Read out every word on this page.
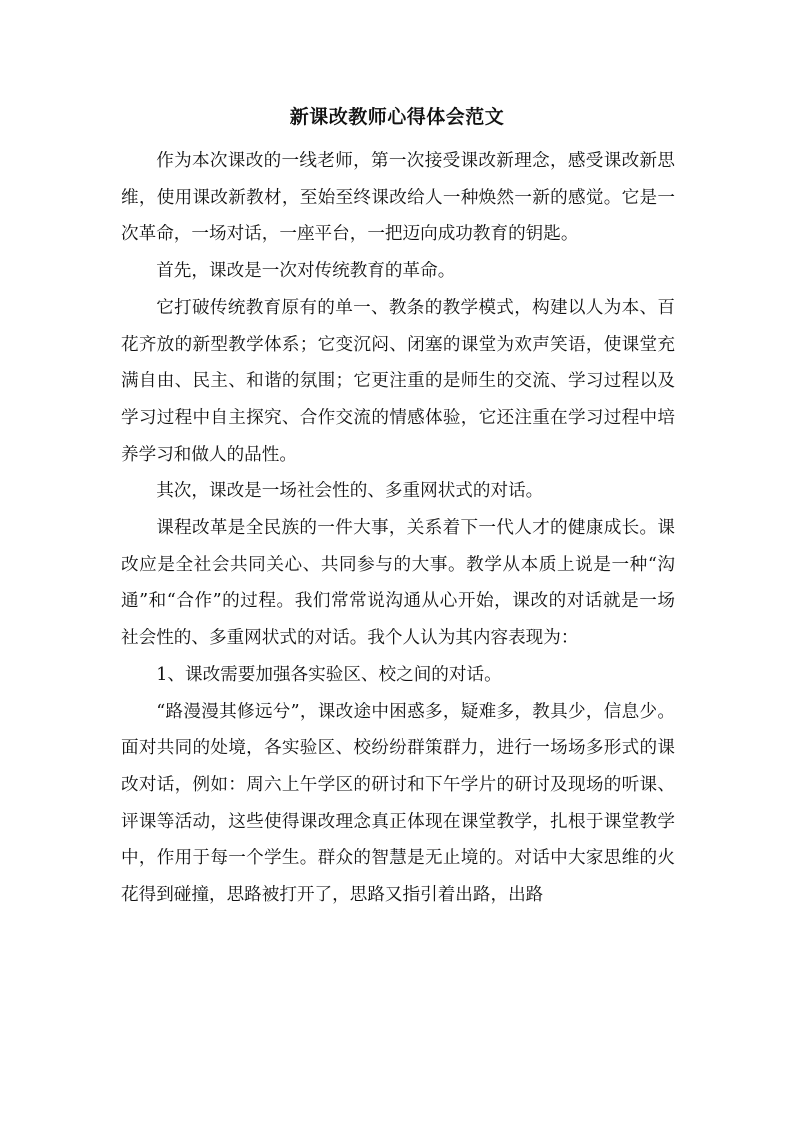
新课改教师心得体会范文

作为本次课改的一线老师，第一次接受课改新理念，感受课改新思维，使用课改新教材，至始至终课改给人一种焕然一新的感觉。它是一次革命，一场对话，一座平台，一把迈向成功教育的钥匙。

首先，课改是一次对传统教育的革命。

它打破传统教育原有的单一、教条的教学模式，构建以人为本、百花齐放的新型教学体系；它变沉闷、闭塞的课堂为欢声笑语，使课堂充满自由、民主、和谐的氛围；它更注重的是师生的交流、学习过程以及学习过程中自主探究、合作交流的情感体验，它还注重在学习过程中培养学习和做人的品性。

其次，课改是一场社会性的、多重网状式的对话。

课程改革是全民族的一件大事，关系着下一代人才的健康成长。课改应是全社会共同关心、共同参与的大事。教学从本质上说是一种“沟通”和“合作”的过程。我们常常说沟通从心开始，课改的对话就是一场社会性的、多重网状式的对话。我个人认为其内容表现为：

1、课改需要加强各实验区、校之间的对话。

“路漫漫其修远兮”，课改途中困惑多，疑难多，教具少，信息少。面对共同的处境，各实验区、校纷纷群策群力，进行一场场多形式的课改对话，例如：周六上午学区的研讨和下午学片的研讨及现场的听课、评课等活动，这些使得课改理念真正体现在课堂教学，扎根于课堂教学中，作用于每一个学生。群众的智慧是无止境的。对话中大家思维的火花得到碰撞，思路被打开了，思路又指引着出路，出路
